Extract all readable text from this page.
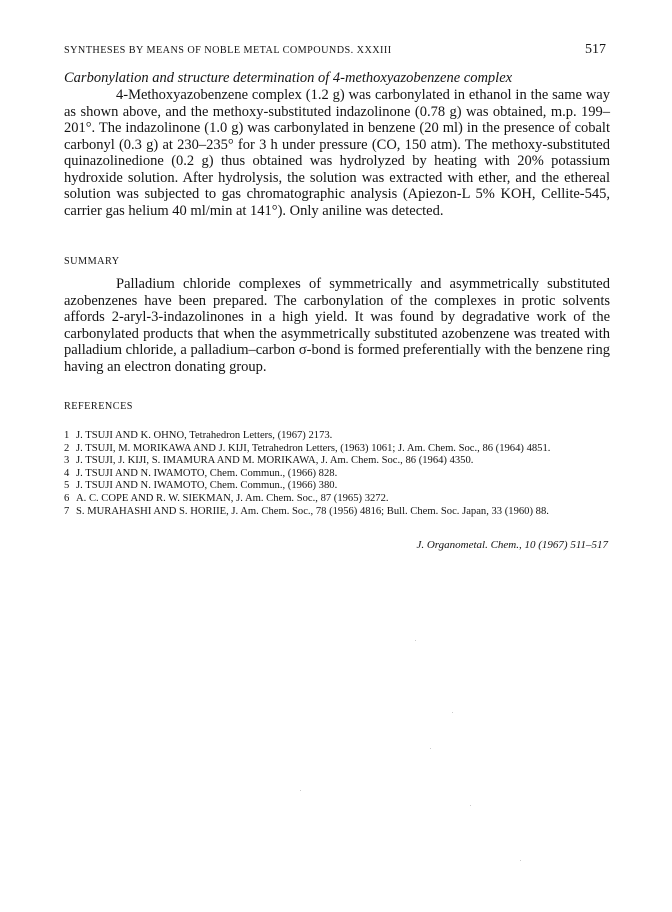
SYNTHESES BY MEANS OF NOBLE METAL COMPOUNDS. XXXIII	517
Carbonylation and structure determination of 4-methoxyazobenzene complex

4-Methoxyazobenzene complex (1.2 g) was carbonylated in ethanol in the same way as shown above, and the methoxy-substituted indazolinone (0.78 g) was obtained, m.p. 199–201°. The indazolinone (1.0 g) was carbonylated in benzene (20 ml) in the presence of cobalt carbonyl (0.3 g) at 230–235° for 3 h under pressure (CO, 150 atm). The methoxy-substituted quinazolinedione (0.2 g) thus obtained was hydrolyzed by heating with 20% potassium hydroxide solution. After hydrolysis, the solution was extracted with ether, and the ethereal solution was subjected to gas chromatographic analysis (Apiezon-L 5% KOH, Cellite-545, carrier gas helium 40 ml/min at 141°). Only aniline was detected.

SUMMARY

Palladium chloride complexes of symmetrically and asymmetrically substituted azobenzenes have been prepared. The carbonylation of the complexes in protic solvents affords 2-aryl-3-indazolinones in a high yield. It was found by degradative work of the carbonylated products that when the asymmetrically substituted azobenzene was treated with palladium chloride, a palladium–carbon σ-bond is formed preferentially with the benzene ring having an electron donating group.

REFERENCES
1 J. TSUJI AND K. OHNO, Tetrahedron Letters, (1967) 2173.
2 J. TSUJI, M. MORIKAWA AND J. KIJI, Tetrahedron Letters, (1963) 1061; J. Am. Chem. Soc., 86 (1964) 4851.
3 J. TSUJI, J. KIJI, S. IMAMURA AND M. MORIKAWA, J. Am. Chem. Soc., 86 (1964) 4350.
4 J. TSUJI AND N. IWAMOTO, Chem. Commun., (1966) 828.
5 J. TSUJI AND N. IWAMOTO, Chem. Commun., (1966) 380.
6 A. C. COPE AND R. W. SIEKMAN, J. Am. Chem. Soc., 87 (1965) 3272.
7 S. MURAHASHI AND S. HORIIE, J. Am. Chem. Soc., 78 (1956) 4816; Bull. Chem. Soc. Japan, 33 (1960) 88.
J. Organometal. Chem., 10 (1967) 511–517
